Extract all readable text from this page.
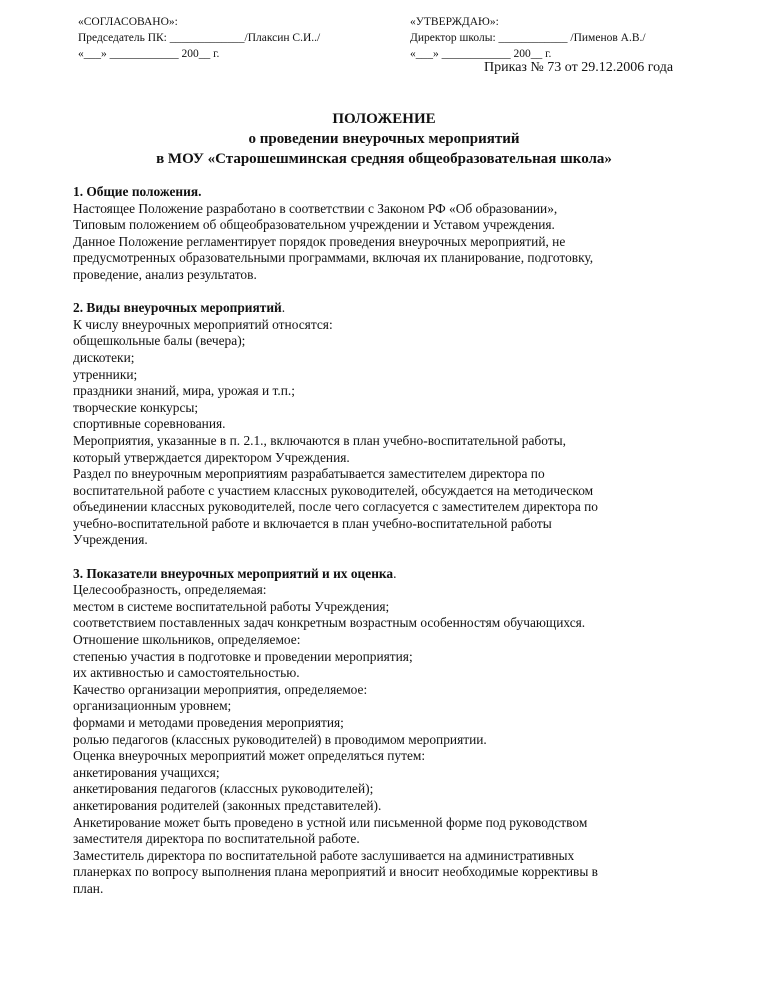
«СОГЛАСОВАНО»:
Председатель ПК: _____________/Плаксин С.И../
«___» ____________ 200__ г.
«УТВЕРЖДАЮ»:
Директор школы: ____________ /Пименов А.В./
«___» ____________ 200__ г.
Приказ № 73 от 29.12.2006 года
ПОЛОЖЕНИЕ
о проведении внеурочных мероприятий
в МОУ «Старошешминская средняя общеобразовательная школа»
1. Общие положения.
Настоящее Положение разработано в соответствии с Законом РФ «Об образовании»,
Типовым положением об общеобразовательном учреждении и Уставом учреждения.
Данное Положение регламентирует порядок проведения внеурочных мероприятий, не
предусмотренных образовательными программами, включая их планирование, подготовку,
проведение, анализ результатов.
2. Виды внеурочных мероприятий.
К числу внеурочных мероприятий относятся:
общешкольные балы (вечера);
дискотеки;
утренники;
праздники знаний, мира, урожая и т.п.;
творческие конкурсы;
спортивные соревнования.
Мероприятия, указанные в п. 2.1., включаются в план учебно-воспитательной работы,
который утверждается директором Учреждения.
Раздел по внеурочным мероприятиям разрабатывается заместителем директора по
воспитательной работе с участием классных руководителей, обсуждается на методическом
объединении классных руководителей, после чего согласуется с заместителем директора по
учебно-воспитательной работе и включается в план учебно-воспитательной работы
Учреждения.
3. Показатели внеурочных мероприятий и их оценка.
Целесообразность, определяемая:
местом в системе воспитательной работы Учреждения;
соответствием поставленных задач конкретным возрастным особенностям обучающихся.
Отношение школьников, определяемое:
степенью участия в подготовке и проведении мероприятия;
их активностью и самостоятельностью.
Качество организации мероприятия, определяемое:
организационным уровнем;
формами и методами проведения мероприятия;
ролью педагогов (классных руководителей) в проводимом мероприятии.
Оценка внеурочных мероприятий может определяться путем:
анкетирования учащихся;
анкетирования педагогов (классных руководителей);
анкетирования родителей (законных представителей).
Анкетирование может быть проведено в устной или письменной форме под руководством
заместителя директора по воспитательной работе.
Заместитель директора по воспитательной работе заслушивается на административных
планерках по вопросу выполнения плана мероприятий и вносит необходимые коррективы в
план.
